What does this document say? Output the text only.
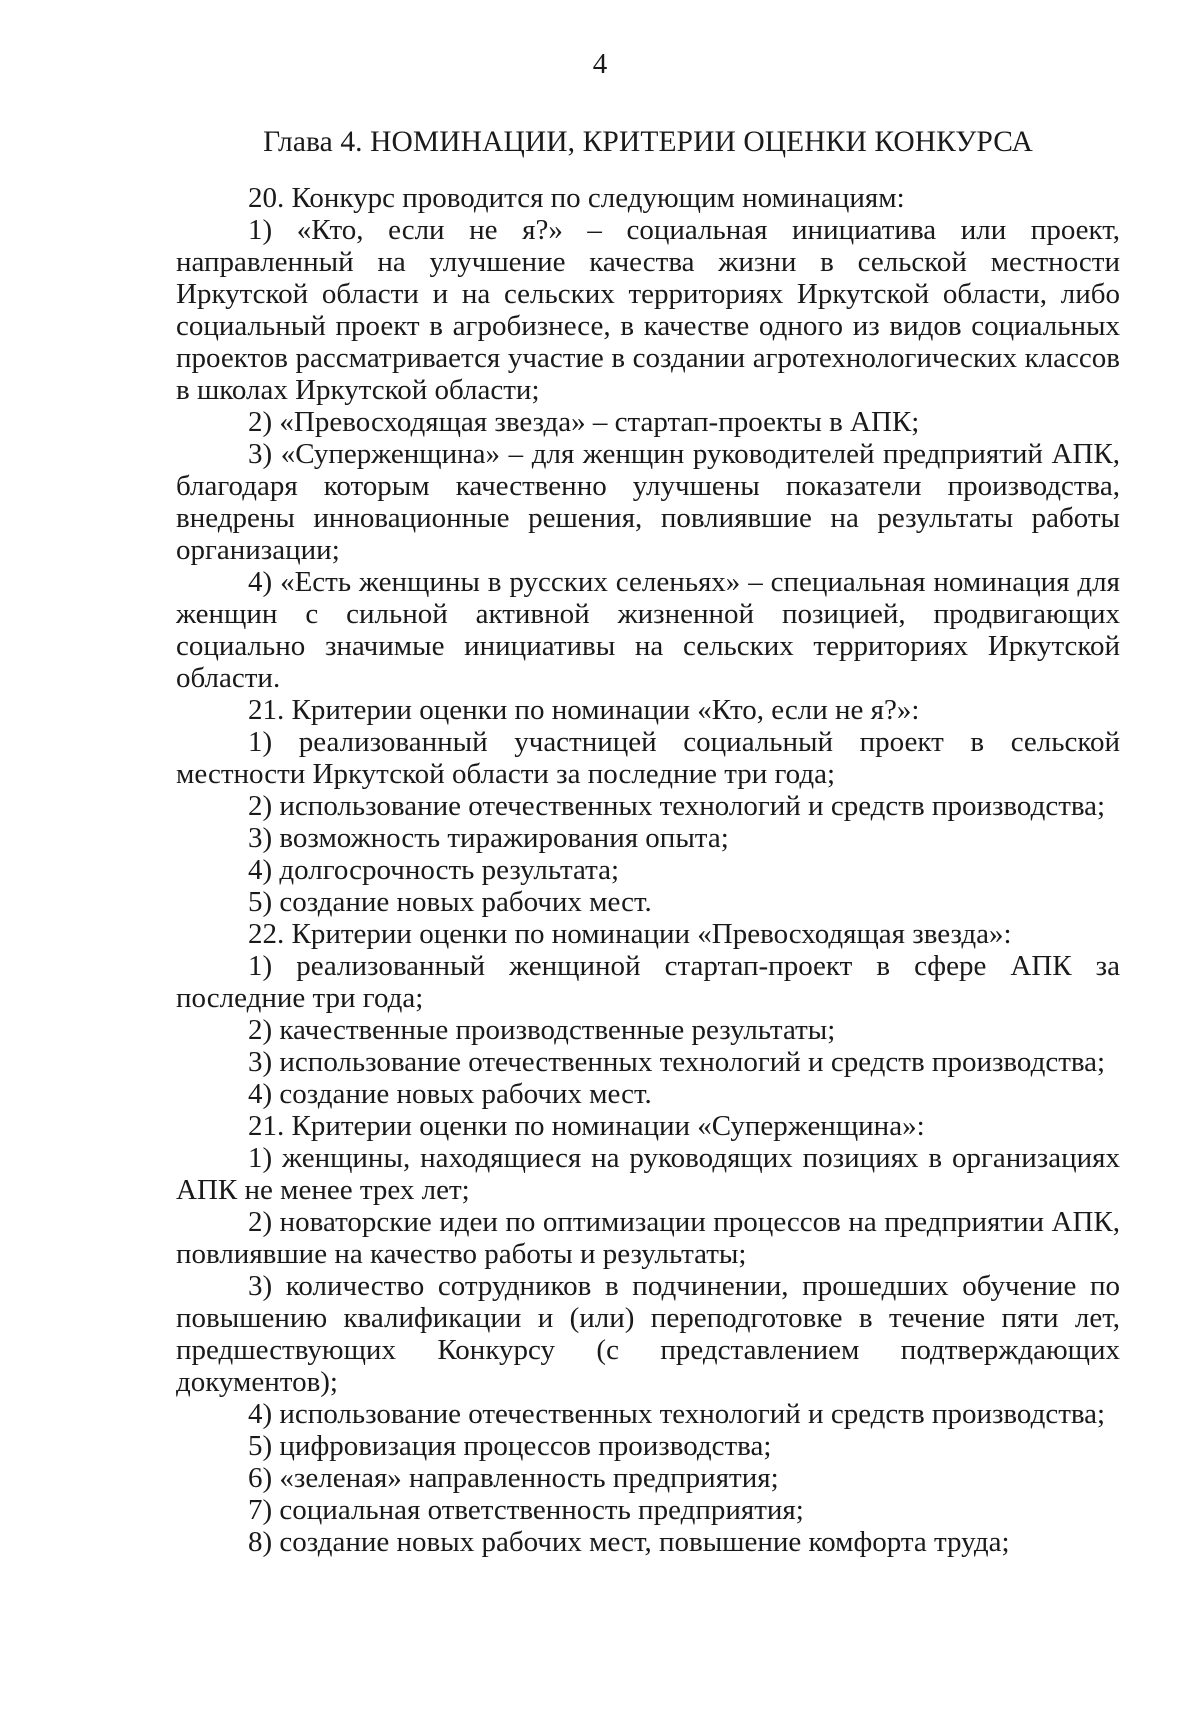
4
Глава 4. НОМИНАЦИИ, КРИТЕРИИ ОЦЕНКИ КОНКУРСА

20. Конкурс проводится по следующим номинациям:

1) «Кто, если не я?» – социальная инициатива или проект, направленный на улучшение качества жизни в сельской местности Иркутской области и на сельских территориях Иркутской области, либо социальный проект в агробизнесе, в качестве одного из видов социальных проектов рассматривается участие в создании агротехнологических классов в школах Иркутской области;

2) «Превосходящая звезда» – стартап-проекты в АПК;

3) «Суперженщина» – для женщин руководителей предприятий АПК, благодаря которым качественно улучшены показатели производства, внедрены инновационные решения, повлиявшие на результаты работы организации;

4) «Есть женщины в русских селеньях» – специальная номинация для женщин с сильной активной жизненной позицией, продвигающих социально значимые инициативы на сельских территориях Иркутской области.

21. Критерии оценки по номинации «Кто, если не я?»:

1) реализованный участницей социальный проект в сельской местности Иркутской области за последние три года;

2) использование отечественных технологий и средств производства;

3) возможность тиражирования опыта;

4) долгосрочность результата;

5) создание новых рабочих мест.

22. Критерии оценки по номинации «Превосходящая звезда»:

1) реализованный женщиной стартап-проект в сфере АПК за последние три года;

2) качественные производственные результаты;

3) использование отечественных технологий и средств производства;

4) создание новых рабочих мест.

21. Критерии оценки по номинации «Суперженщина»:

1) женщины, находящиеся на руководящих позициях в организациях АПК не менее трех лет;

2) новаторские идеи по оптимизации процессов на предприятии АПК, повлиявшие на качество работы и результаты;

3) количество сотрудников в подчинении, прошедших обучение по повышению квалификации и (или) переподготовке в течение пяти лет, предшествующих Конкурсу (с представлением подтверждающих документов);

4) использование отечественных технологий и средств производства;

5) цифровизация процессов производства;

6) «зеленая» направленность предприятия;

7) социальная ответственность предприятия;

8) создание новых рабочих мест, повышение комфорта труда;
